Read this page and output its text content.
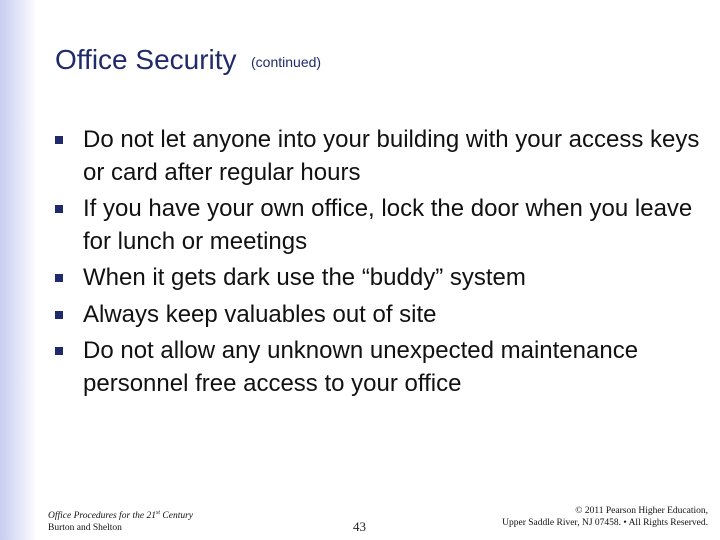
Office Security (continued)
Do not let anyone into your building with your access keys or card after regular hours
If you have your own office, lock the door when you leave for lunch or meetings
When it gets dark use the “buddy” system
Always keep valuables out of site
Do not allow any unknown unexpected maintenance personnel free access to your office
Office Procedures for the 21st Century
Burton and Shelton	43
© 2011 Pearson Higher Education,
Upper Saddle River, NJ 07458. • All Rights Reserved.
